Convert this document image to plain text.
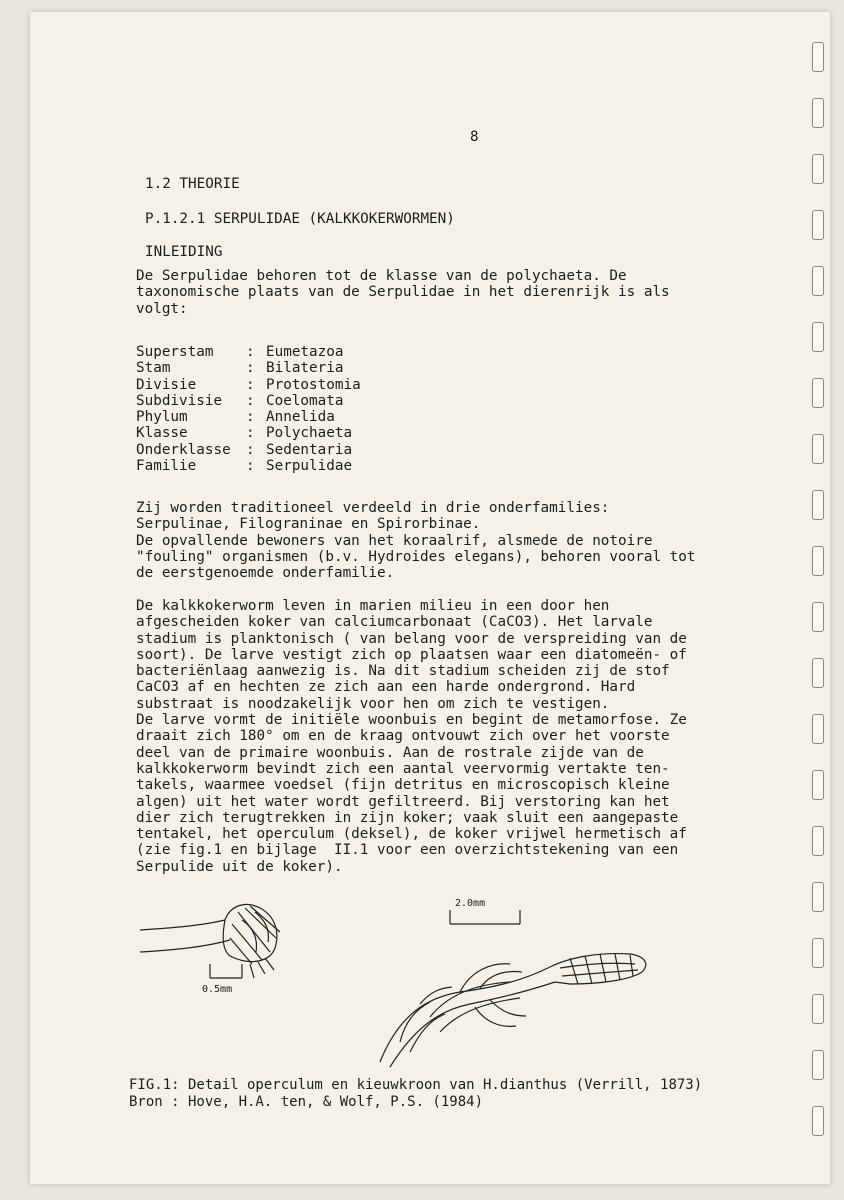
8
1.2 THEORIE
P.1.2.1 SERPULIDAE (KALKKOKERWORMEN)
INLEIDING
De Serpulidae behoren tot de klasse van de polychaeta. De
taxonomische plaats van de Serpulidae in het dierenrijk is als
volgt:
Superstam : Eumetazoa
Stam	: Bilateria
Divisie	: Protostomia
Subdivisie : Coelomata
Phylum	: Annelida
Klasse	: Polychaeta
Onderklasse : Sedentaria
Familie	: Serpulidae
Zij worden traditioneel verdeeld in drie onderfamilies:
Serpulinae, Filograninae en Spirorbinae.
De opvallende bewoners van het koraalrif, alsmede de notoire
"fouling" organismen (b.v. Hydroides elegans), behoren vooral tot
de eerstgenoemde onderfamilie.
De kalkkokerworm leven in marien milieu in een door hen
afgescheiden koker van calciumcarbonaat (CaCO3). Het larvale
stadium is planktonisch ( van belang voor de verspreiding van de
soort). De larve vestigt zich op plaatsen waar een diatomeën- of
bacteriënlaag aanwezig is. Na dit stadium scheiden zij de stof
CaCO3 af en hechten ze zich aan een harde ondergrond. Hard
substraat is noodzakelijk voor hen om zich te vestigen.
De larve vormt de initiële woonbuis en begint de metamorfose. Ze
draait zich 180° om en de kraag ontvouwt zich over het voorste
deel van de primaire woonbuis. Aan de rostrale zijde van de
kalkkokerworm bevindt zich een aantal veervormig vertakte ten-
takels, waarmee voedsel (fijn detritus en microscopisch kleine
algen) uit het water wordt gefiltreerd. Bij verstoring kan het
dier zich terugtrekken in zijn koker; vaak sluit een aangepaste
tentakel, het operculum (deksel), de koker vrijwel hermetisch af
(zie fig.1 en bijlage  II.1 voor een overzichtstekening van een
Serpulide uit de koker).
2.0mm
0.5mm
FIG.1: Detail operculum en kieuwkroon van H.dianthus (Verrill, 1873)
Bron : Hove, H.A. ten, & Wolf, P.S. (1984)
